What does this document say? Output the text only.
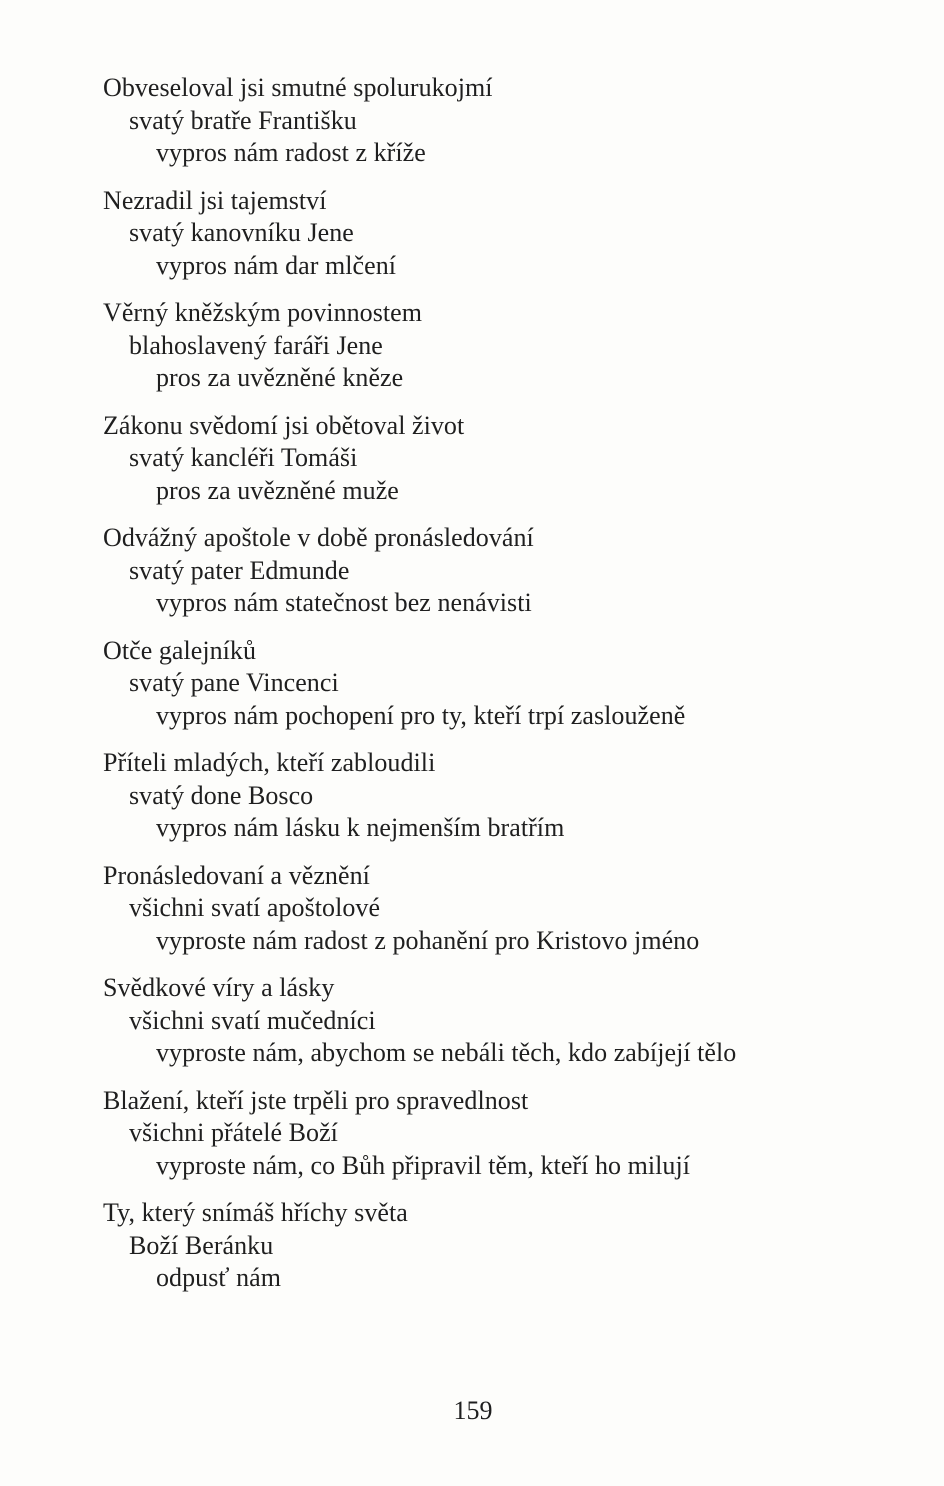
Obveseloval jsi smutné spolurukojmí
svatý bratře Františku
vypros nám radost z kříže
Nezradil jsi tajemství
svatý kanovníku Jene
vypros nám dar mlčení
Věrný kněžským povinnostem
blahoslavený faráři Jene
pros za uvězněné kněze
Zákonu svědomí jsi obětoval život
svatý kancléři Tomáši
pros za uvězněné muže
Odvážný apoštole v době pronásledování
svatý pater Edmunde
vypros nám statečnost bez nenávisti
Otče galejníků
svatý pane Vincenci
vypros nám pochopení pro ty, kteří trpí zaslouženě
Příteli mladých, kteří zabloudili
svatý done Bosco
vypros nám lásku k nejmenším bratřím
Pronásledovaní a věznění
všichni svatí apoštolové
vyproste nám radost z pohanění pro Kristovo jméno
Svědkové víry a lásky
všichni svatí mučedníci
vyproste nám, abychom se nebáli těch, kdo zabíjejí tělo
Blažení, kteří jste trpěli pro spravedlnost
všichni přátelé Boží
vyproste nám, co Bůh připravil těm, kteří ho milují
Ty, který snímáš hříchy světa
Boží Beránku
odpusť nám
159
